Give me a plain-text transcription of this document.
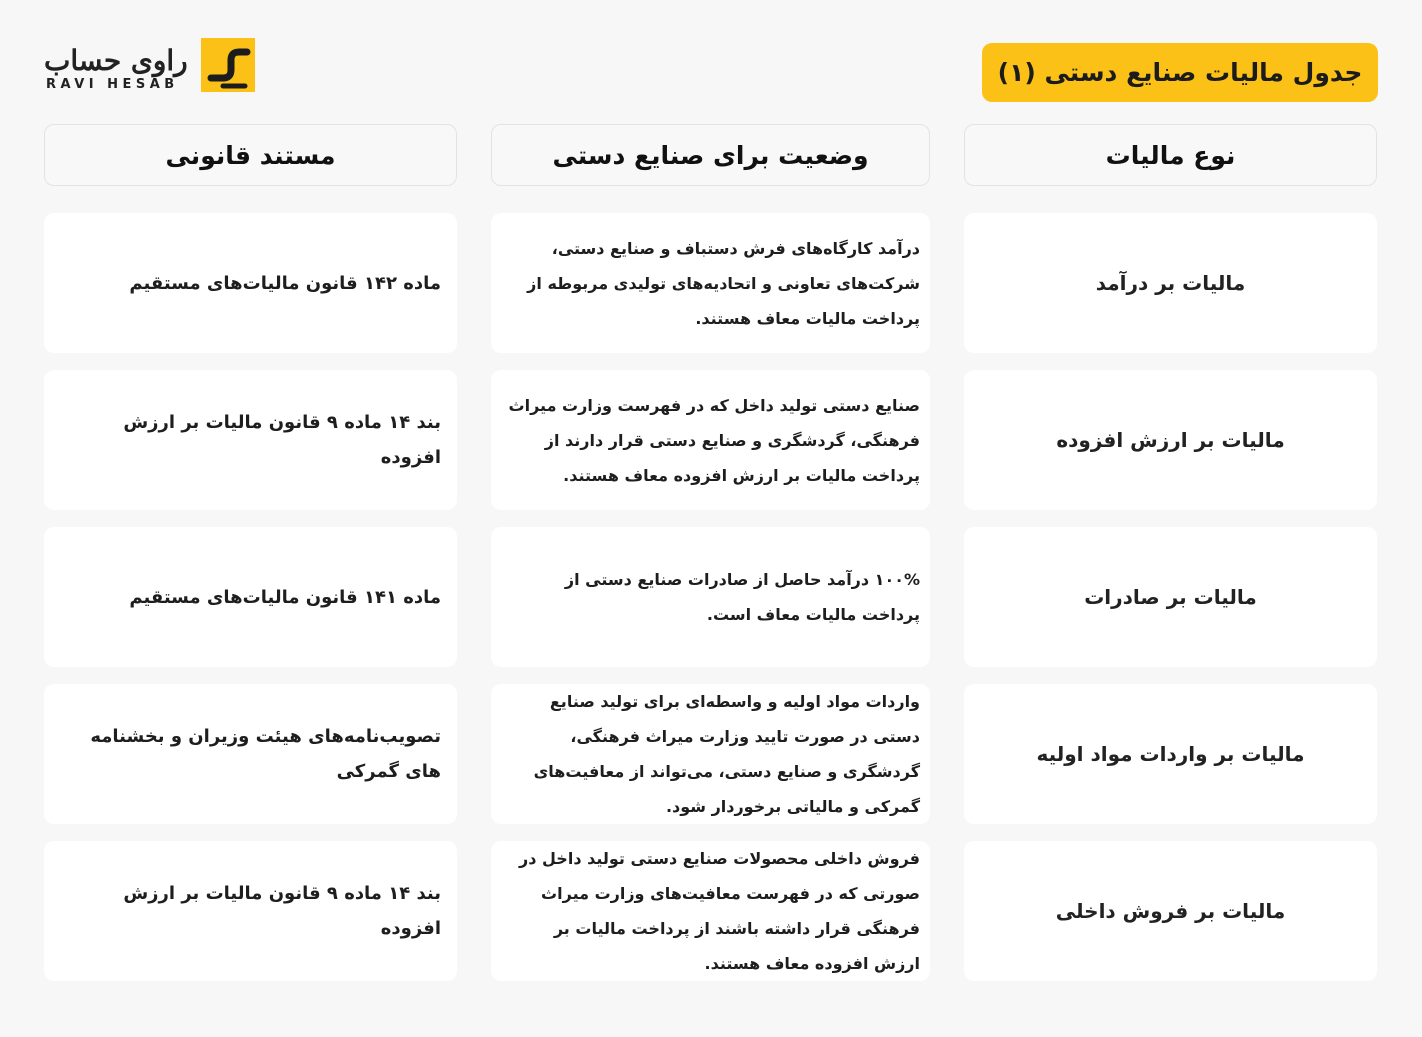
جدول مالیات صنایع دستی (۱)
راوی حساب
RAVI HESAB
نوع مالیات
وضعیت برای صنایع دستی
مستند قانونی
مالیات بر درآمد
درآمد کارگاه‌های فرش دستباف و صنایع دستی، شرکت‌های تعاونی و اتحادیه‌های تولیدی مربوطه از پرداخت مالیات معاف هستند.
ماده ۱۴۲ قانون مالیات‌های مستقیم
مالیات بر ارزش افزوده
صنایع دستی تولید داخل که در فهرست وزارت میراث فرهنگی، گردشگری و صنایع دستی قرار دارند از پرداخت مالیات بر ارزش افزوده معاف هستند.
بند ۱۴ ماده ۹ قانون مالیات بر ارزش افزوده
مالیات بر صادرات
۱۰۰% درآمد حاصل از صادرات صنایع دستی از پرداخت مالیات معاف است.
ماده ۱۴۱ قانون مالیات‌های مستقیم
مالیات بر واردات مواد اولیه
واردات مواد اولیه و واسطه‌ای برای تولید صنایع دستی در صورت تایید وزارت میراث فرهنگی، گردشگری و صنایع دستی، می‌تواند از معافیت‌های گمرکی و مالیاتی برخوردار شود.
تصویب‌نامه‌های هیئت وزیران و بخشنامه های گمرکی
مالیات بر فروش داخلی
فروش داخلی محصولات صنایع دستی تولید داخل در صورتی که در فهرست معافیت‌های وزارت میراث فرهنگی قرار داشته باشند از پرداخت مالیات بر ارزش افزوده معاف هستند.
بند ۱۴ ماده ۹ قانون مالیات بر ارزش افزوده
